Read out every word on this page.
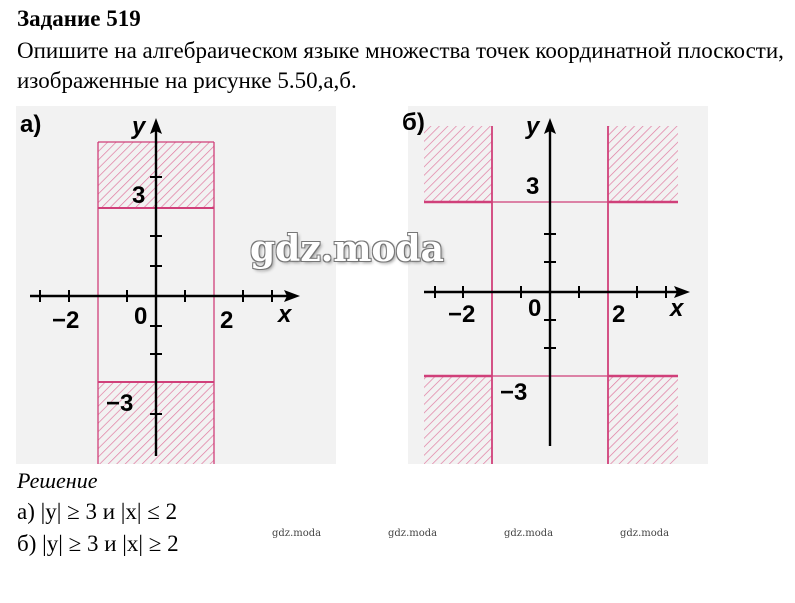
Задание 519

Опишите на алгебраическом языке множества точек координатной плоскости, изображенные на рисунке 5.50,а,б.

а)	y
x
0
−2	2
3
−3
б)	y
x
0
−2	2
3
−3
gdz.moda
Решение
а) |y| ≥ 3 и |x| ≤ 2
б) |y| ≥ 3 и |x| ≥ 2	gdz.moda	gdz.moda	gdz.moda	gdz.moda
